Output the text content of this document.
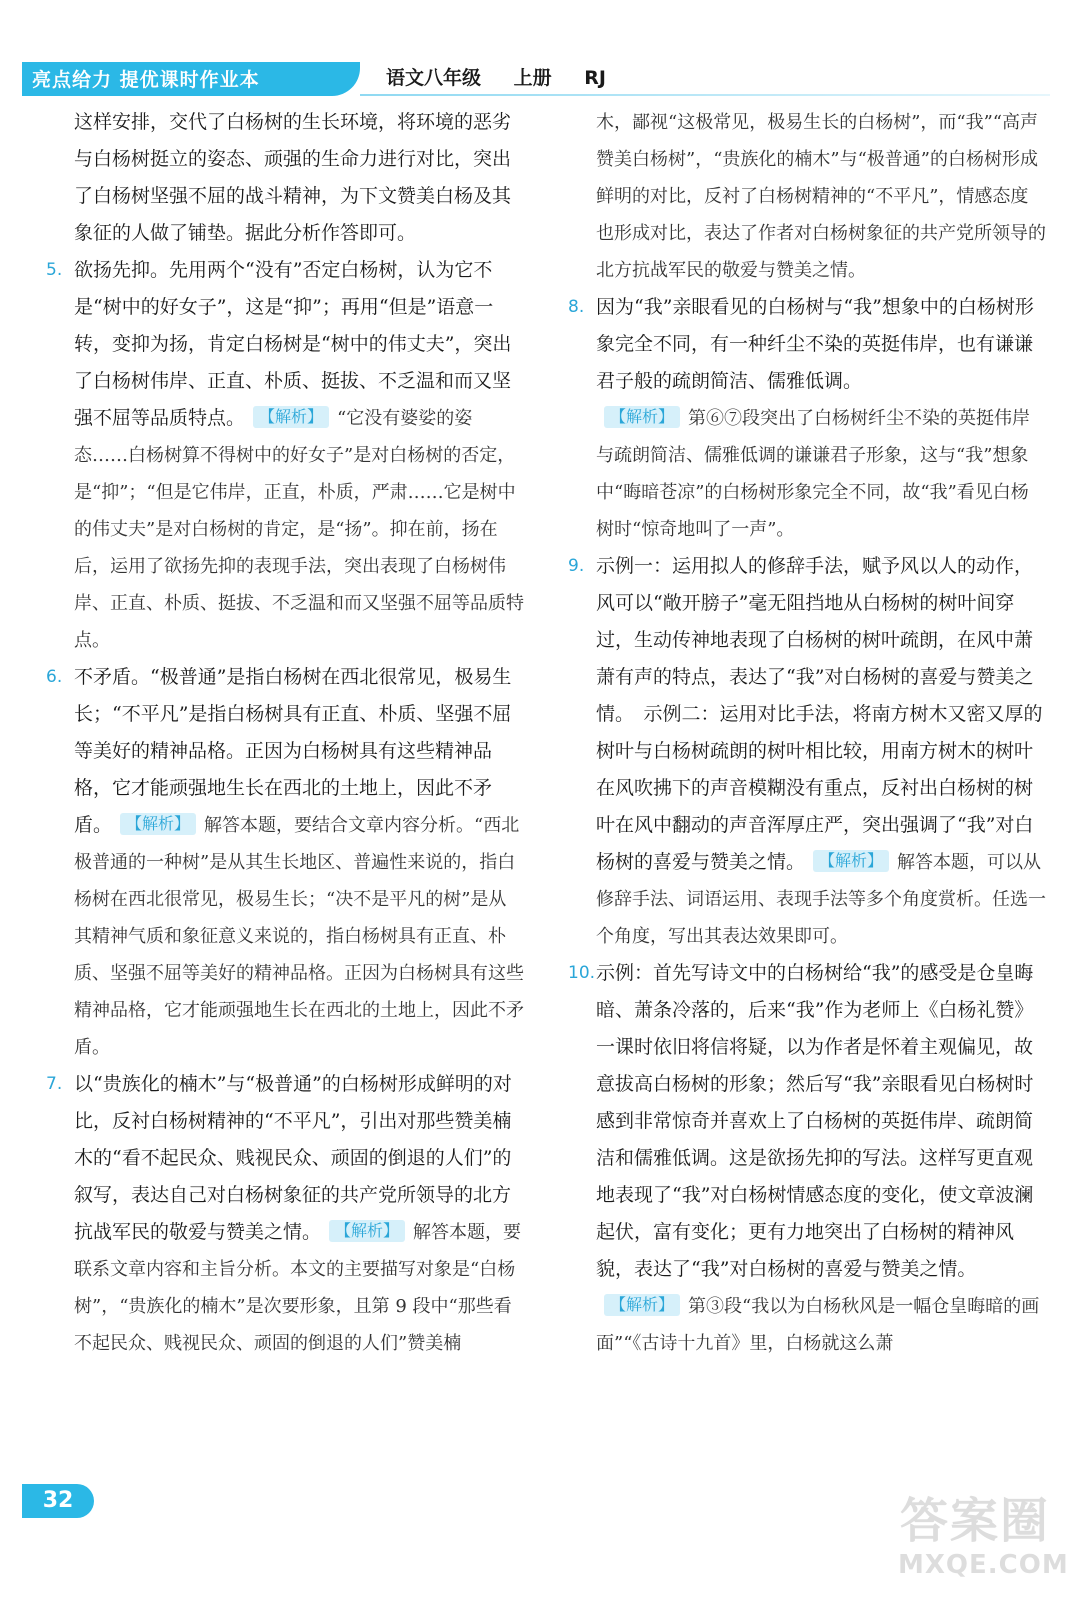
亮点给力 提优课时作业本	语文八年级 上册 RJ

这样安排，交代了白杨树的生长环境，将环境的恶劣与白杨树挺立的姿态、顽强的生命力进行对比，突出了白杨树坚强不屈的战斗精神，为下文赞美白杨及其象征的人做了铺垫。据此分析作答即可。

5. 欲扬先抑。先用两个“没有”否定白杨树，认为它不是“树中的好女子”，这是“抑”；再用“但是”语意一转，变抑为扬，肯定白杨树是“树中的伟丈夫”，突出了白杨树伟岸、正直、朴质、挺拔、不乏温和而又坚强不屈等品质特点。 【解析】 “它没有婆娑的姿态……白杨树算不得树中的好女子”是对白杨树的否定，是“抑”；“但是它伟岸，正直，朴质，严肃……它是树中的伟丈夫”是对白杨树的肯定，是“扬”。抑在前，扬在后，运用了欲扬先抑的表现手法，突出表现了白杨树伟岸、正直、朴质、挺拔、不乏温和而又坚强不屈等品质特点。

6. 不矛盾。“极普通”是指白杨树在西北很常见，极易生长；“不平凡”是指白杨树具有正直、朴质、坚强不屈等美好的精神品格。正因为白杨树具有这些精神品格，它才能顽强地生长在西北的土地上，因此不矛盾。 【解析】 解答本题，要结合文章内容分析。“西北极普通的一种树”是从其生长地区、普遍性来说的，指白杨树在西北很常见，极易生长；“决不是平凡的树”是从其精神气质和象征意义来说的，指白杨树具有正直、朴质、坚强不屈等美好的精神品格。正因为白杨树具有这些精神品格，它才能顽强地生长在西北的土地上，因此不矛盾。

7. 以“贵族化的楠木”与“极普通”的白杨树形成鲜明的对比，反衬白杨树精神的“不平凡”，引出对那些赞美楠木的“看不起民众、贱视民众、顽固的倒退的人们”的叙写，表达自己对白杨树象征的共产党所领导的北方抗战军民的敬爱与赞美之情。 【解析】 解答本题，要联系文章内容和主旨分析。本文的主要描写对象是“白杨树”，“贵族化的楠木”是次要形象，且第 9 段中“那些看不起民众、贱视民众、顽固的倒退的人们”赞美楠

木，鄙视“这极常见，极易生长的白杨树”，而“我”“高声赞美白杨树”，“贵族化的楠木”与“极普通”的白杨树形成鲜明的对比，反衬了白杨树精神的“不平凡”，情感态度也形成对比，表达了作者对白杨树象征的共产党所领导的北方抗战军民的敬爱与赞美之情。

8. 因为“我”亲眼看见的白杨树与“我”想象中的白杨树形象完全不同，有一种纤尘不染的英挺伟岸，也有谦谦君子般的疏朗简洁、儒雅低调。
【解析】 第⑥⑦段突出了白杨树纤尘不染的英挺伟岸与疏朗简洁、儒雅低调的谦谦君子形象，这与“我”想象中“晦暗苍凉”的白杨树形象完全不同，故“我”看见白杨树时“惊奇地叫了一声”。

9. 示例一：运用拟人的修辞手法，赋予风以人的动作，风可以“敞开膀子”毫无阻挡地从白杨树的树叶间穿过，生动传神地表现了白杨树的树叶疏朗，在风中萧萧有声的特点，表达了“我”对白杨树的喜爱与赞美之情。　示例二：运用对比手法，将南方树木又密又厚的树叶与白杨树疏朗的树叶相比较，用南方树木的树叶在风吹拂下的声音模糊没有重点，反衬出白杨树的树叶在风中翻动的声音浑厚庄严，突出强调了“我”对白杨树的喜爱与赞美之情。 【解析】 解答本题，可以从修辞手法、词语运用、表现手法等多个角度赏析。任选一个角度，写出其表达效果即可。

10. 示例：首先写诗文中的白杨树给“我”的感受是仓皇晦暗、萧条冷落的，后来“我”作为老师上《白杨礼赞》一课时依旧将信将疑，以为作者是怀着主观偏见，故意拔高白杨树的形象；然后写“我”亲眼看见白杨树时感到非常惊奇并喜欢上了白杨树的英挺伟岸、疏朗简洁和儒雅低调。这是欲扬先抑的写法。这样写更直观地表现了“我”对白杨树情感态度的变化，使文章波澜起伏，富有变化；更有力地突出了白杨树的精神风貌，表达了“我”对白杨树的喜爱与赞美之情。
【解析】 第③段“我以为白杨秋风是一幅仓皇晦暗的画面”“《古诗十九首》里，白杨就这么萧

32	答案圈
MXQE.COM
